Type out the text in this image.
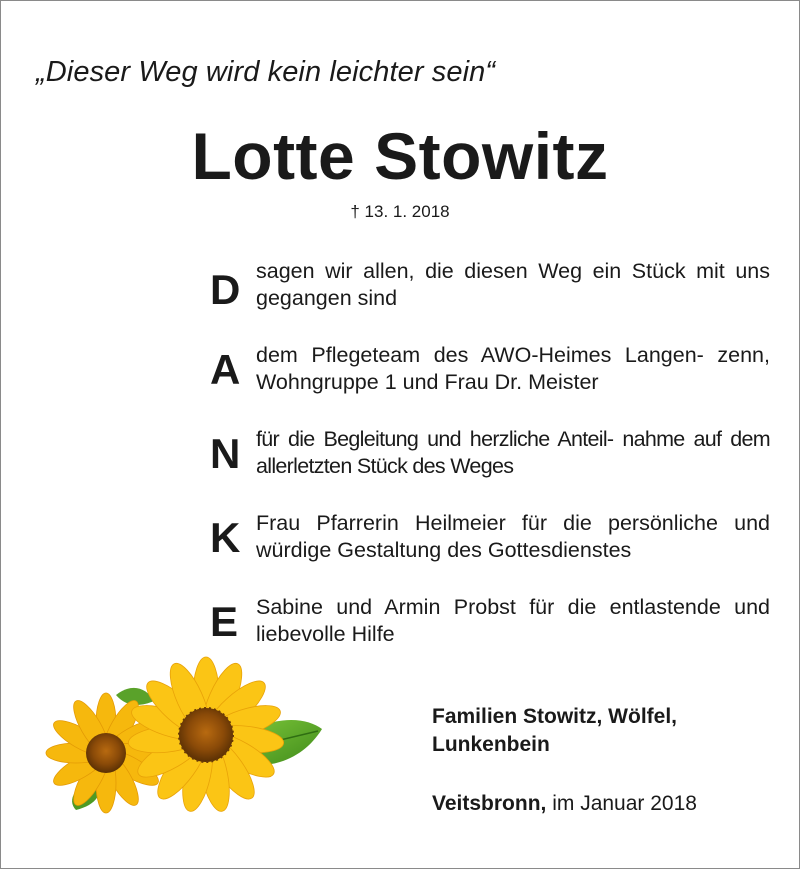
„Dieser Weg wird kein leichter sein“
Lotte Stowitz
† 13. 1. 2018
D sagen wir allen, die diesen Weg ein Stück mit uns gegangen sind
A dem Pflegeteam des AWO-Heimes Langen- zenn, Wohngruppe 1 und Frau Dr. Meister
N für die Begleitung und herzliche Anteil- nahme auf dem allerletzten Stück des Weges
K Frau Pfarrerin Heilmeier für die persönliche und würdige Gestaltung des Gottesdienstes
E Sabine und Armin Probst für die entlastende und liebevolle Hilfe
Familien Stowitz, Wölfel,
Lunkenbein
Veitsbronn, im Januar 2018
